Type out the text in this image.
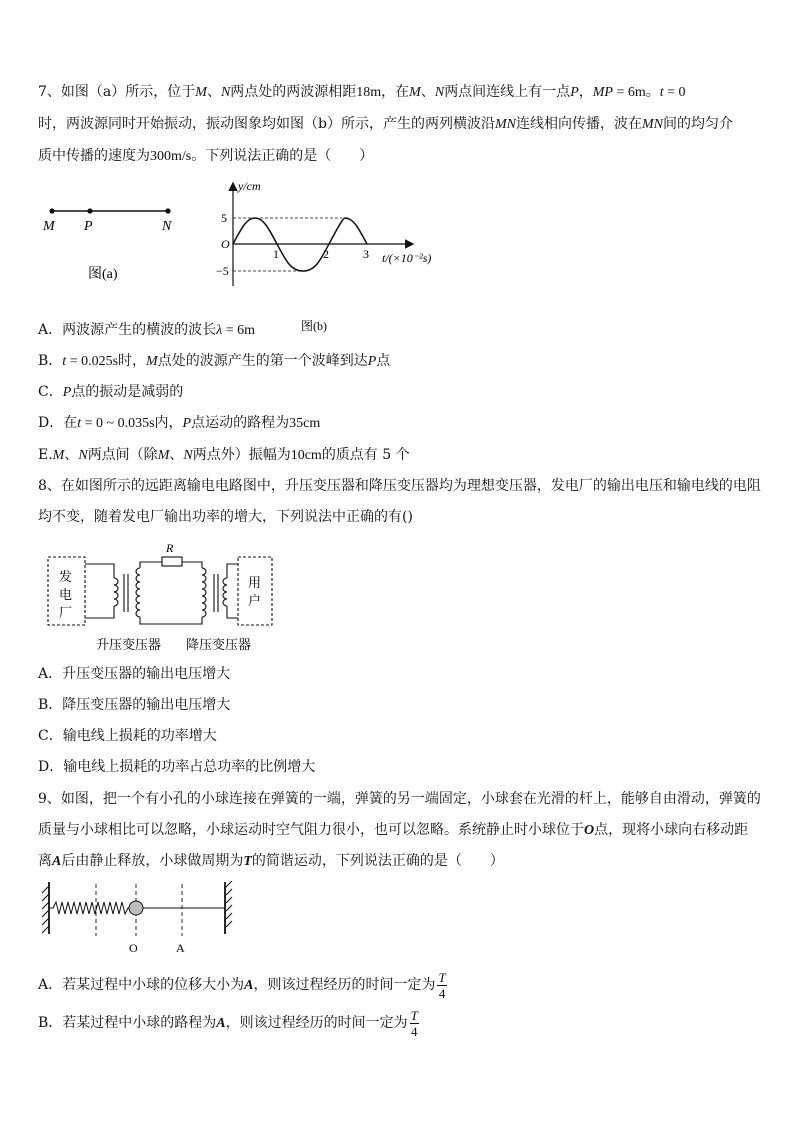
7、如图（a）所示，位于M、N两点处的两波源相距18m，在M、N两点间连线上有一点P，MP = 6m。t = 0
时，两波源同时开始振动，振动图象均如图（b）所示，产生的两列横波沿MN连线相向传播，波在MN间的均匀介
质中传播的速度为300m/s。下列说法正确的是（　　）
M P	N
图(a)
y/cm
5
−5
O
1	2	3 t/(×10⁻²s)
图(b)
A．两波源产生的横波的波长λ = 6m
B．t = 0.025s时，M点处的波源产生的第一个波峰到达P点
C．P点的振动是减弱的
D．在t = 0 ~ 0.035s内，P点运动的路程为35cm
E.M、N两点间（除M、N两点外）振幅为10cm的质点有 5 个
8、在如图所示的远距离输电电路图中，升压变压器和降压变压器均为理想变压器，发电厂的输出电压和输电线的电阻
均不变，随着发电厂输出功率的增大，下列说法中正确的有()
R
发
电
厂
用
户
升压变压器 降压变压器
A．升压变压器的输出电压增大
B．降压变压器的输出电压增大
C．输电线上损耗的功率增大
D．输电线上损耗的功率占总功率的比例增大
9、如图，把一个有小孔的小球连接在弹簧的一端，弹簧的另一端固定，小球套在光滑的杆上，能够自由滑动，弹簧的
质量与小球相比可以忽略，小球运动时空气阻力很小，也可以忽略。系统静止时小球位于O点，现将小球向右移动距
离A后由静止释放，小球做周期为T的简谐运动，下列说法正确的是（　　）
O	A
A．若某过程中小球的位移大小为A，则该过程经历的时间一定为 $\frac{T}{4}$
B．若某过程中小球的路程为A，则该过程经历的时间一定为 $\frac{T}{4}$
